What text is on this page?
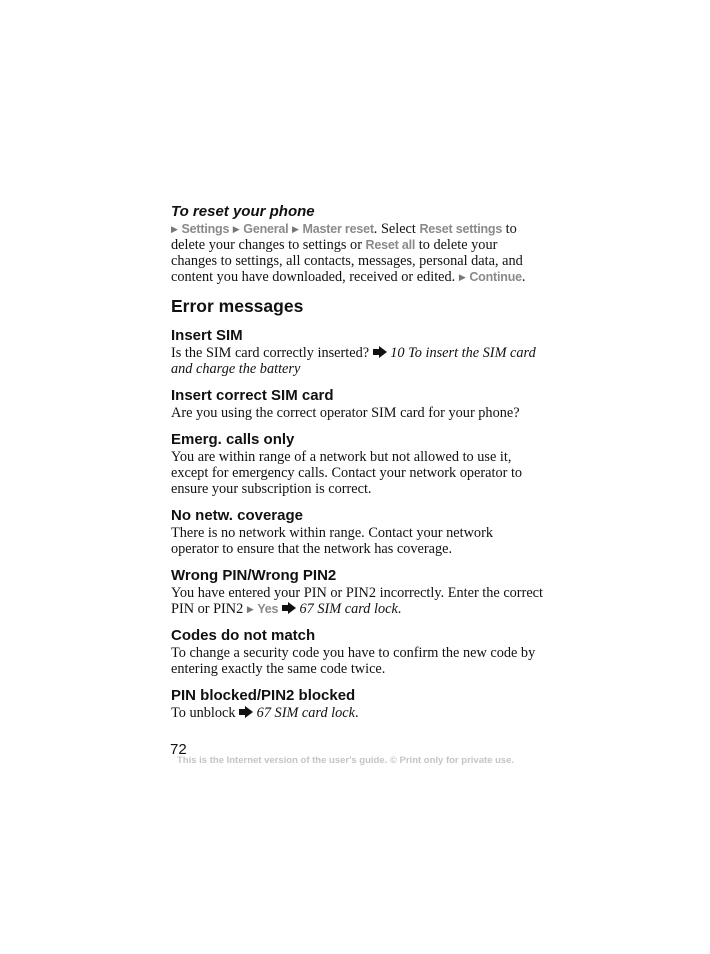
To reset your phone

▶ Settings ▶ General ▶ Master reset. Select Reset settings to delete your changes to settings or Reset all to delete your changes to settings, all contacts, messages, personal data, and content you have downloaded, received or edited. ▶ Continue.

Error messages
Insert SIM

Is the SIM card correctly inserted?  10 To insert the SIM card and charge the battery

Insert correct SIM card

Are you using the correct operator SIM card for your phone?

Emerg. calls only

You are within range of a network but not allowed to use it, except for emergency calls. Contact your network operator to ensure your subscription is correct.

No netw. coverage

There is no network within range. Contact your network operator to ensure that the network has coverage.

Wrong PIN/Wrong PIN2

You have entered your PIN or PIN2 incorrectly. Enter the correct PIN or PIN2 ▶ Yes 67 SIM card lock.

Codes do not match

To change a security code you have to confirm the new code by entering exactly the same code twice.

PIN blocked/PIN2 blocked

To unblock  67 SIM card lock.

72
This is the Internet version of the user's guide. © Print only for private use.
